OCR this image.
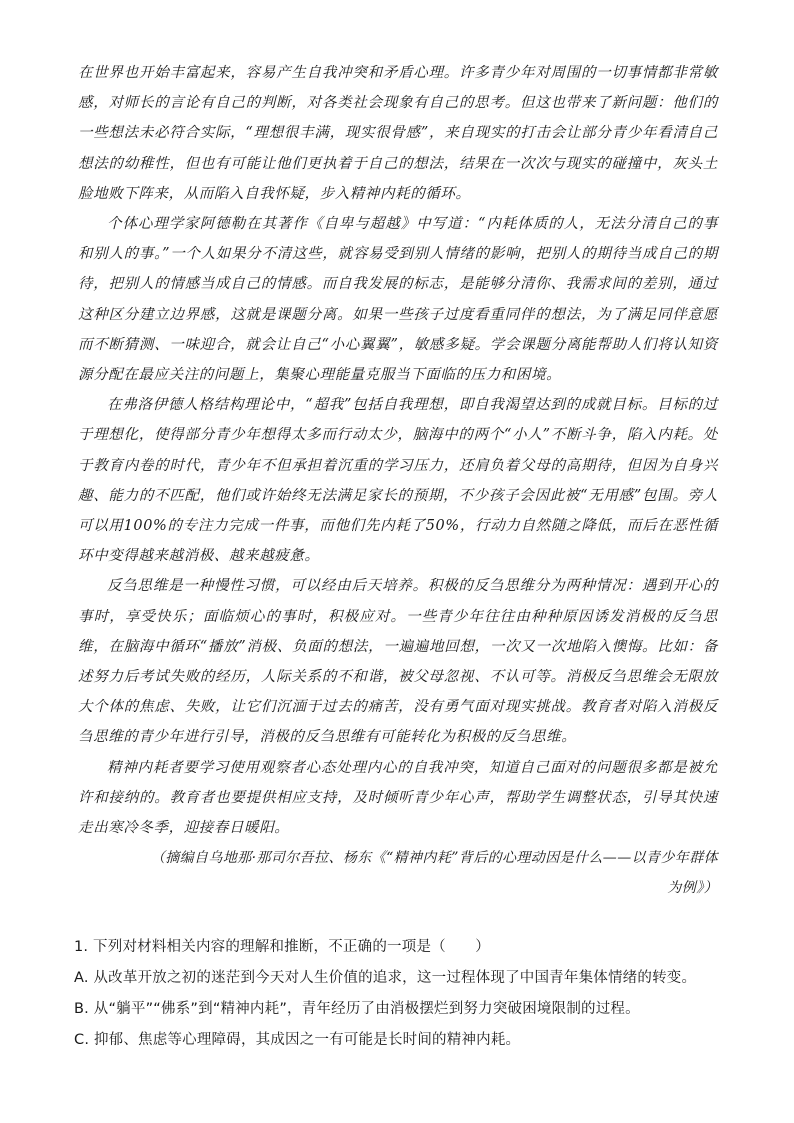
在世界也开始丰富起来，容易产生自我冲突和矛盾心理。许多青少年对周围的一切事情都非常敏感，对师长的言论有自己的判断，对各类社会现象有自己的思考。但这也带来了新问题：他们的一些想法未必符合实际，“理想很丰满，现实很骨感”，来自现实的打击会让部分青少年看清自己想法的幼稚性，但也有可能让他们更执着于自己的想法，结果在一次次与现实的碰撞中，灰头土脸地败下阵来，从而陷入自我怀疑，步入精神内耗的循环。

个体心理学家阿德勒在其著作《自卑与超越》中写道：“内耗体质的人，无法分清自己的事和别人的事。”一个人如果分不清这些，就容易受到别人情绪的影响，把别人的期待当成自己的期待，把别人的情感当成自己的情感。而自我发展的标志，是能够分清你、我需求间的差别，通过这种区分建立边界感，这就是课题分离。如果一些孩子过度看重同伴的想法，为了满足同伴意愿而不断猜测、一味迎合，就会让自己“小心翼翼”，敏感多疑。学会课题分离能帮助人们将认知资源分配在最应关注的问题上，集聚心理能量克服当下面临的压力和困境。

在弗洛伊德人格结构理论中，“超我”包括自我理想，即自我渴望达到的成就目标。目标的过于理想化，使得部分青少年想得太多而行动太少，脑海中的两个“小人”不断斗争，陷入内耗。处于教育内卷的时代，青少年不但承担着沉重的学习压力，还肩负着父母的高期待，但因为自身兴趣、能力的不匹配，他们或许始终无法满足家长的预期，不少孩子会因此被“无用感”包围。旁人可以用100%的专注力完成一件事，而他们先内耗了50%，行动力自然随之降低，而后在恶性循环中变得越来越消极、越来越疲惫。

反刍思维是一种慢性习惯，可以经由后天培养。积极的反刍思维分为两种情况：遇到开心的事时，享受快乐；面临烦心的事时，积极应对。一些青少年往往由种种原因诱发消极的反刍思维，在脑海中循环“播放”消极、负面的想法，一遍遍地回想，一次又一次地陷入懊悔。比如：备述努力后考试失败的经历，人际关系的不和谐，被父母忽视、不认可等。消极反刍思维会无限放大个体的焦虑、失败，让它们沉湎于过去的痛苦，没有勇气面对现实挑战。教育者对陷入消极反刍思维的青少年进行引导，消极的反刍思维有可能转化为积极的反刍思维。

精神内耗者要学习使用观察者心态处理内心的自我冲突，知道自己面对的问题很多都是被允许和接纳的。教育者也要提供相应支持，及时倾听青少年心声，帮助学生调整状态，引导其快速走出寒冷冬季，迎接春日暖阳。

（摘编自乌地那·那司尔吾拉、杨东《“精神内耗”背后的心理动因是什么——以青少年群体为例》）

1. 下列对材料相关内容的理解和推断，不正确的一项是（　　）

A. 从改革开放之初的迷茫到今天对人生价值的追求，这一过程体现了中国青年集体情绪的转变。

B. 从“躺平”“佛系”到“精神内耗”，青年经历了由消极摆烂到努力突破困境限制的过程。

C. 抑郁、焦虑等心理障碍，其成因之一有可能是长时间的精神内耗。
